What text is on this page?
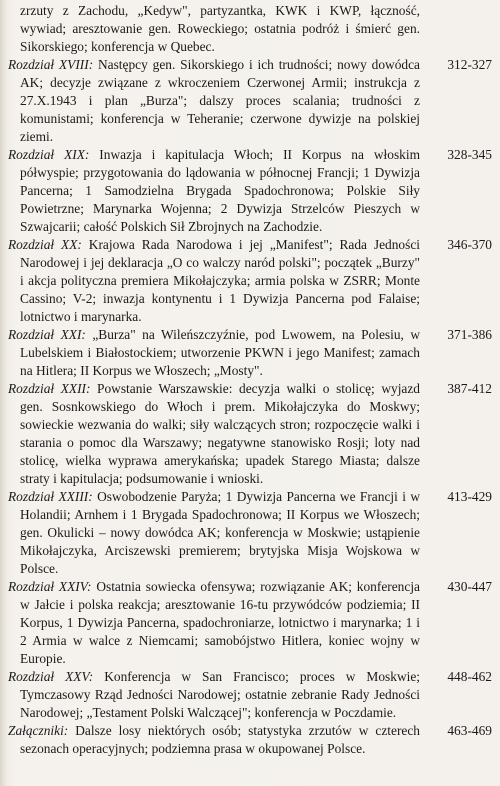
zrzuty z Zachodu, „Kedyw", partyzantka, KWK i KWP, łączność, wywiad; aresztowanie gen. Roweckiego; ostatnia podróż i śmierć gen. Sikorskiego; konferencja w Quebec.
Rozdział XVIII: Następcy gen. Sikorskiego i ich trudności; nowy dowódca AK; decyzje związane z wkroczeniem Czerwonej Armii; instrukcja z 27.X.1943 i plan „Burza"; dalszy proces scalania; trudności z komunistami; konferencja w Teheranie; czerwone dywizje na polskiej ziemi.
312-327
Rozdział XIX: Inwazja i kapitulacja Włoch; II Korpus na włoskim półwyspie; przygotowania do lądowania w północnej Francji; 1 Dywizja Pancerna; 1 Samodzielna Brygada Spadochronowa; Polskie Siły Powietrzne; Marynarka Wojenna; 2 Dywizja Strzelców Pieszych w Szwajcarii; całość Polskich Sił Zbrojnych na Zachodzie.
328-345
Rozdział XX: Krajowa Rada Narodowa i jej „Manifest"; Rada Jedności Narodowej i jej deklaracja „O co walczy naród polski"; początek „Burzy" i akcja polityczna premiera Mikołajczyka; armia polska w ZSRR; Monte Cassino; V-2; inwazja kontynentu i 1 Dywizja Pancerna pod Falaise; lotnictwo i marynarka.
346-370
Rozdział XXI: „Burza" na Wileńszczyźnie, pod Lwowem, na Polesiu, w Lubelskiem i Białostockiem; utworzenie PKWN i jego Manifest; zamach na Hitlera; II Korpus we Włoszech; „Mosty".
371-386
Rozdział XXII: Powstanie Warszawskie: decyzja walki o stolicę; wyjazd gen. Sosnkowskiego do Włoch i prem. Mikołajczyka do Moskwy; sowieckie wezwania do walki; siły walczących stron; rozpoczęcie walki i starania o pomoc dla Warszawy; negatywne stanowisko Rosji; loty nad stolicę, wielka wyprawa amerykańska; upadek Starego Miasta; dalsze straty i kapitulacja; podsumowanie i wnioski.
387-412
Rozdział XXIII: Oswobodzenie Paryża; 1 Dywizja Pancerna we Francji i w Holandii; Arnhem i 1 Brygada Spadochronowa; II Korpus we Włoszech; gen. Okulicki – nowy dowódca AK; konferencja w Moskwie; ustąpienie Mikołajczyka, Arciszewski premierem; brytyjska Misja Wojskowa w Polsce.
413-429
Rozdział XXIV: Ostatnia sowiecka ofensywa; rozwiązanie AK; konferencja w Jałcie i polska reakcja; aresztowanie 16-tu przywódców podziemia; II Korpus, 1 Dywizja Pancerna, spadochroniarze, lotnictwo i marynarka; 1 i 2 Armia w walce z Niemcami; samobójstwo Hitlera, koniec wojny w Europie.
430-447
Rozdział XXV: Konferencja w San Francisco; proces w Moskwie; Tymczasowy Rząd Jedności Narodowej; ostatnie zebranie Rady Jedności Narodowej; „Testament Polski Walczącej"; konferencja w Poczdamie.
448-462
Załączniki: Dalsze losy niektórych osób; statystyka zrzutów w czterech sezonach operacyjnych; podziemna prasa w okupowanej Polsce.
463-469
